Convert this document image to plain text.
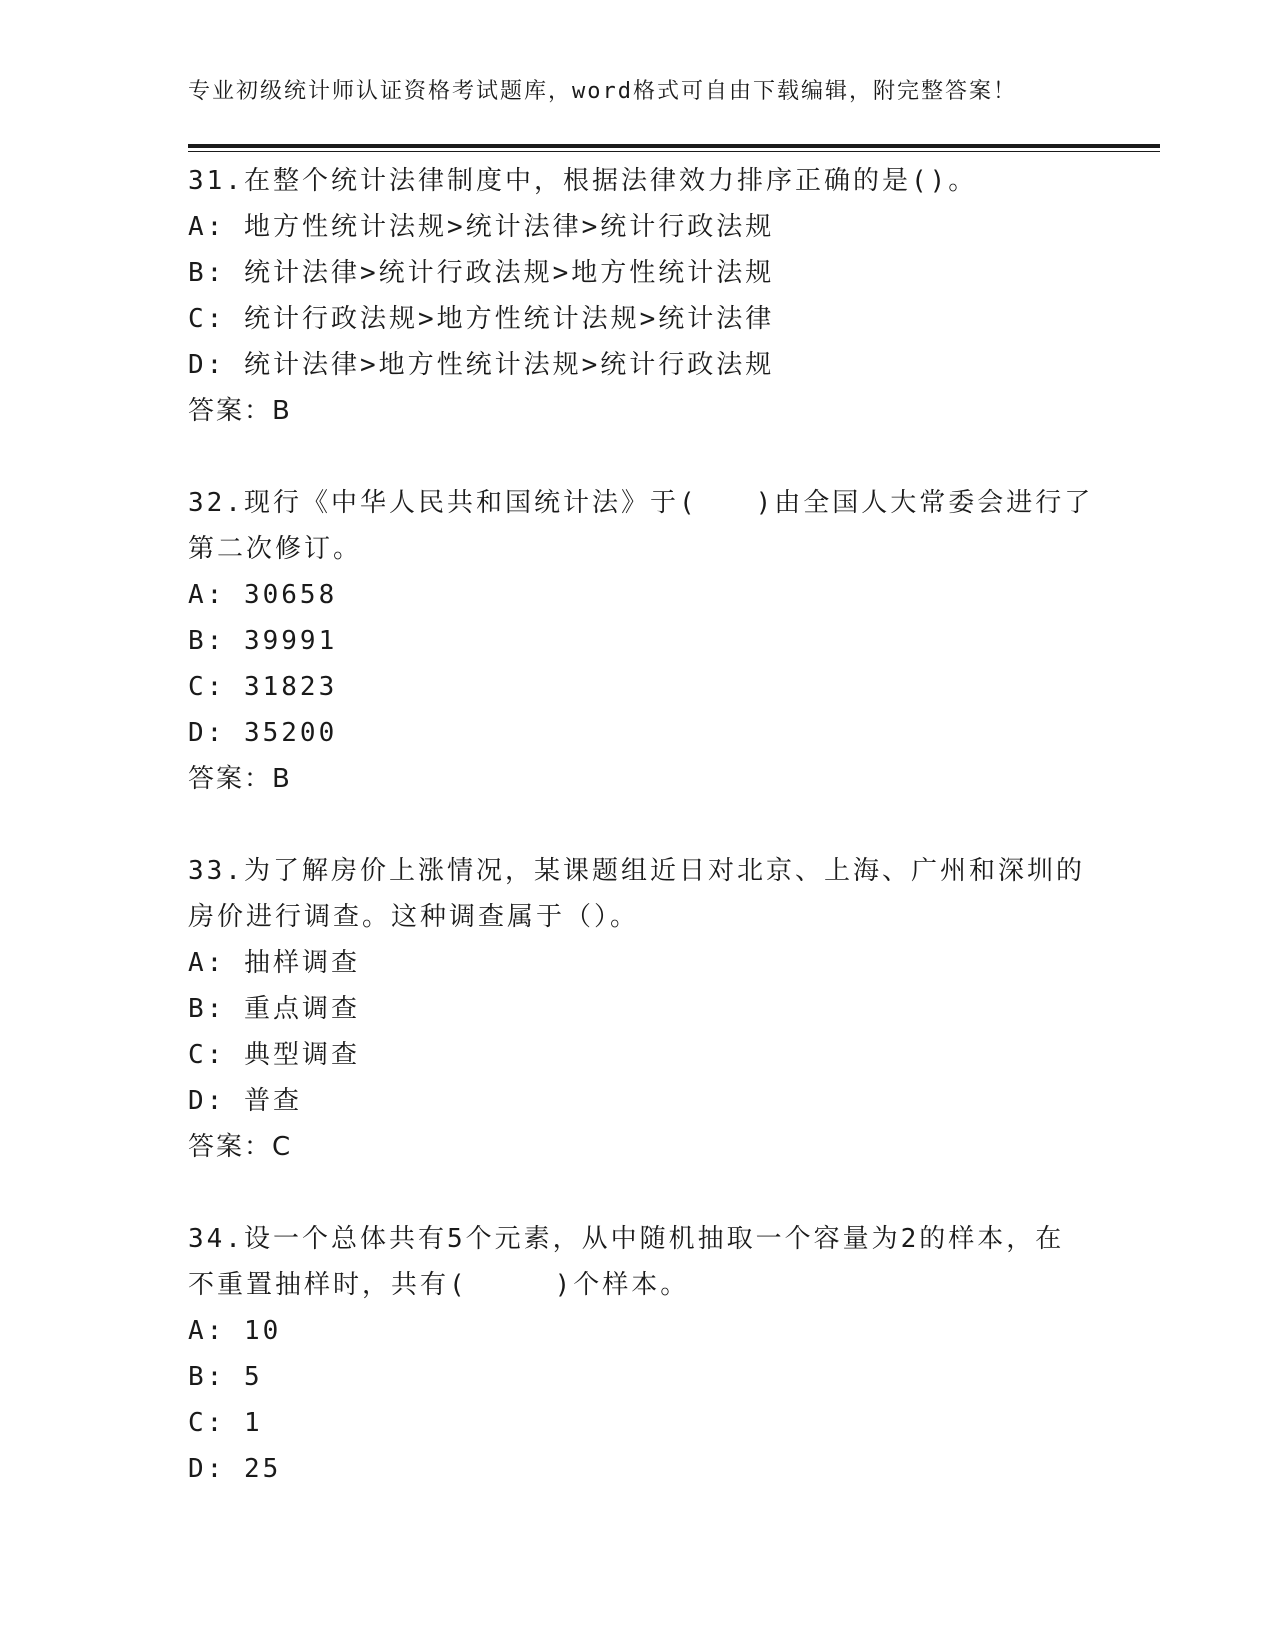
专业初级统计师认证资格考试题库，word格式可自由下载编辑，附完整答案！
31.在整个统计法律制度中，根据法律效力排序正确的是()。
A: 地方性统计法规>统计法律>统计行政法规
B: 统计法律>统计行政法规>地方性统计法规
C: 统计行政法规>地方性统计法规>统计法律
D: 统计法律>地方性统计法规>统计行政法规
答案：B
32.现行《中华人民共和国统计法》于(　　)由全国人大常委会进行了
第二次修订。
A: 30658
B: 39991
C: 31823
D: 35200
答案：B
33.为了解房价上涨情况，某课题组近日对北京、上海、广州和深圳的
房价进行调查。这种调查属于（）。
A: 抽样调查
B: 重点调查
C: 典型调查
D: 普查
答案：C
34.设一个总体共有5个元素，从中随机抽取一个容量为2的样本，在
不重置抽样时，共有(　　　)个样本。
A: 10
B: 5
C: 1
D: 25
